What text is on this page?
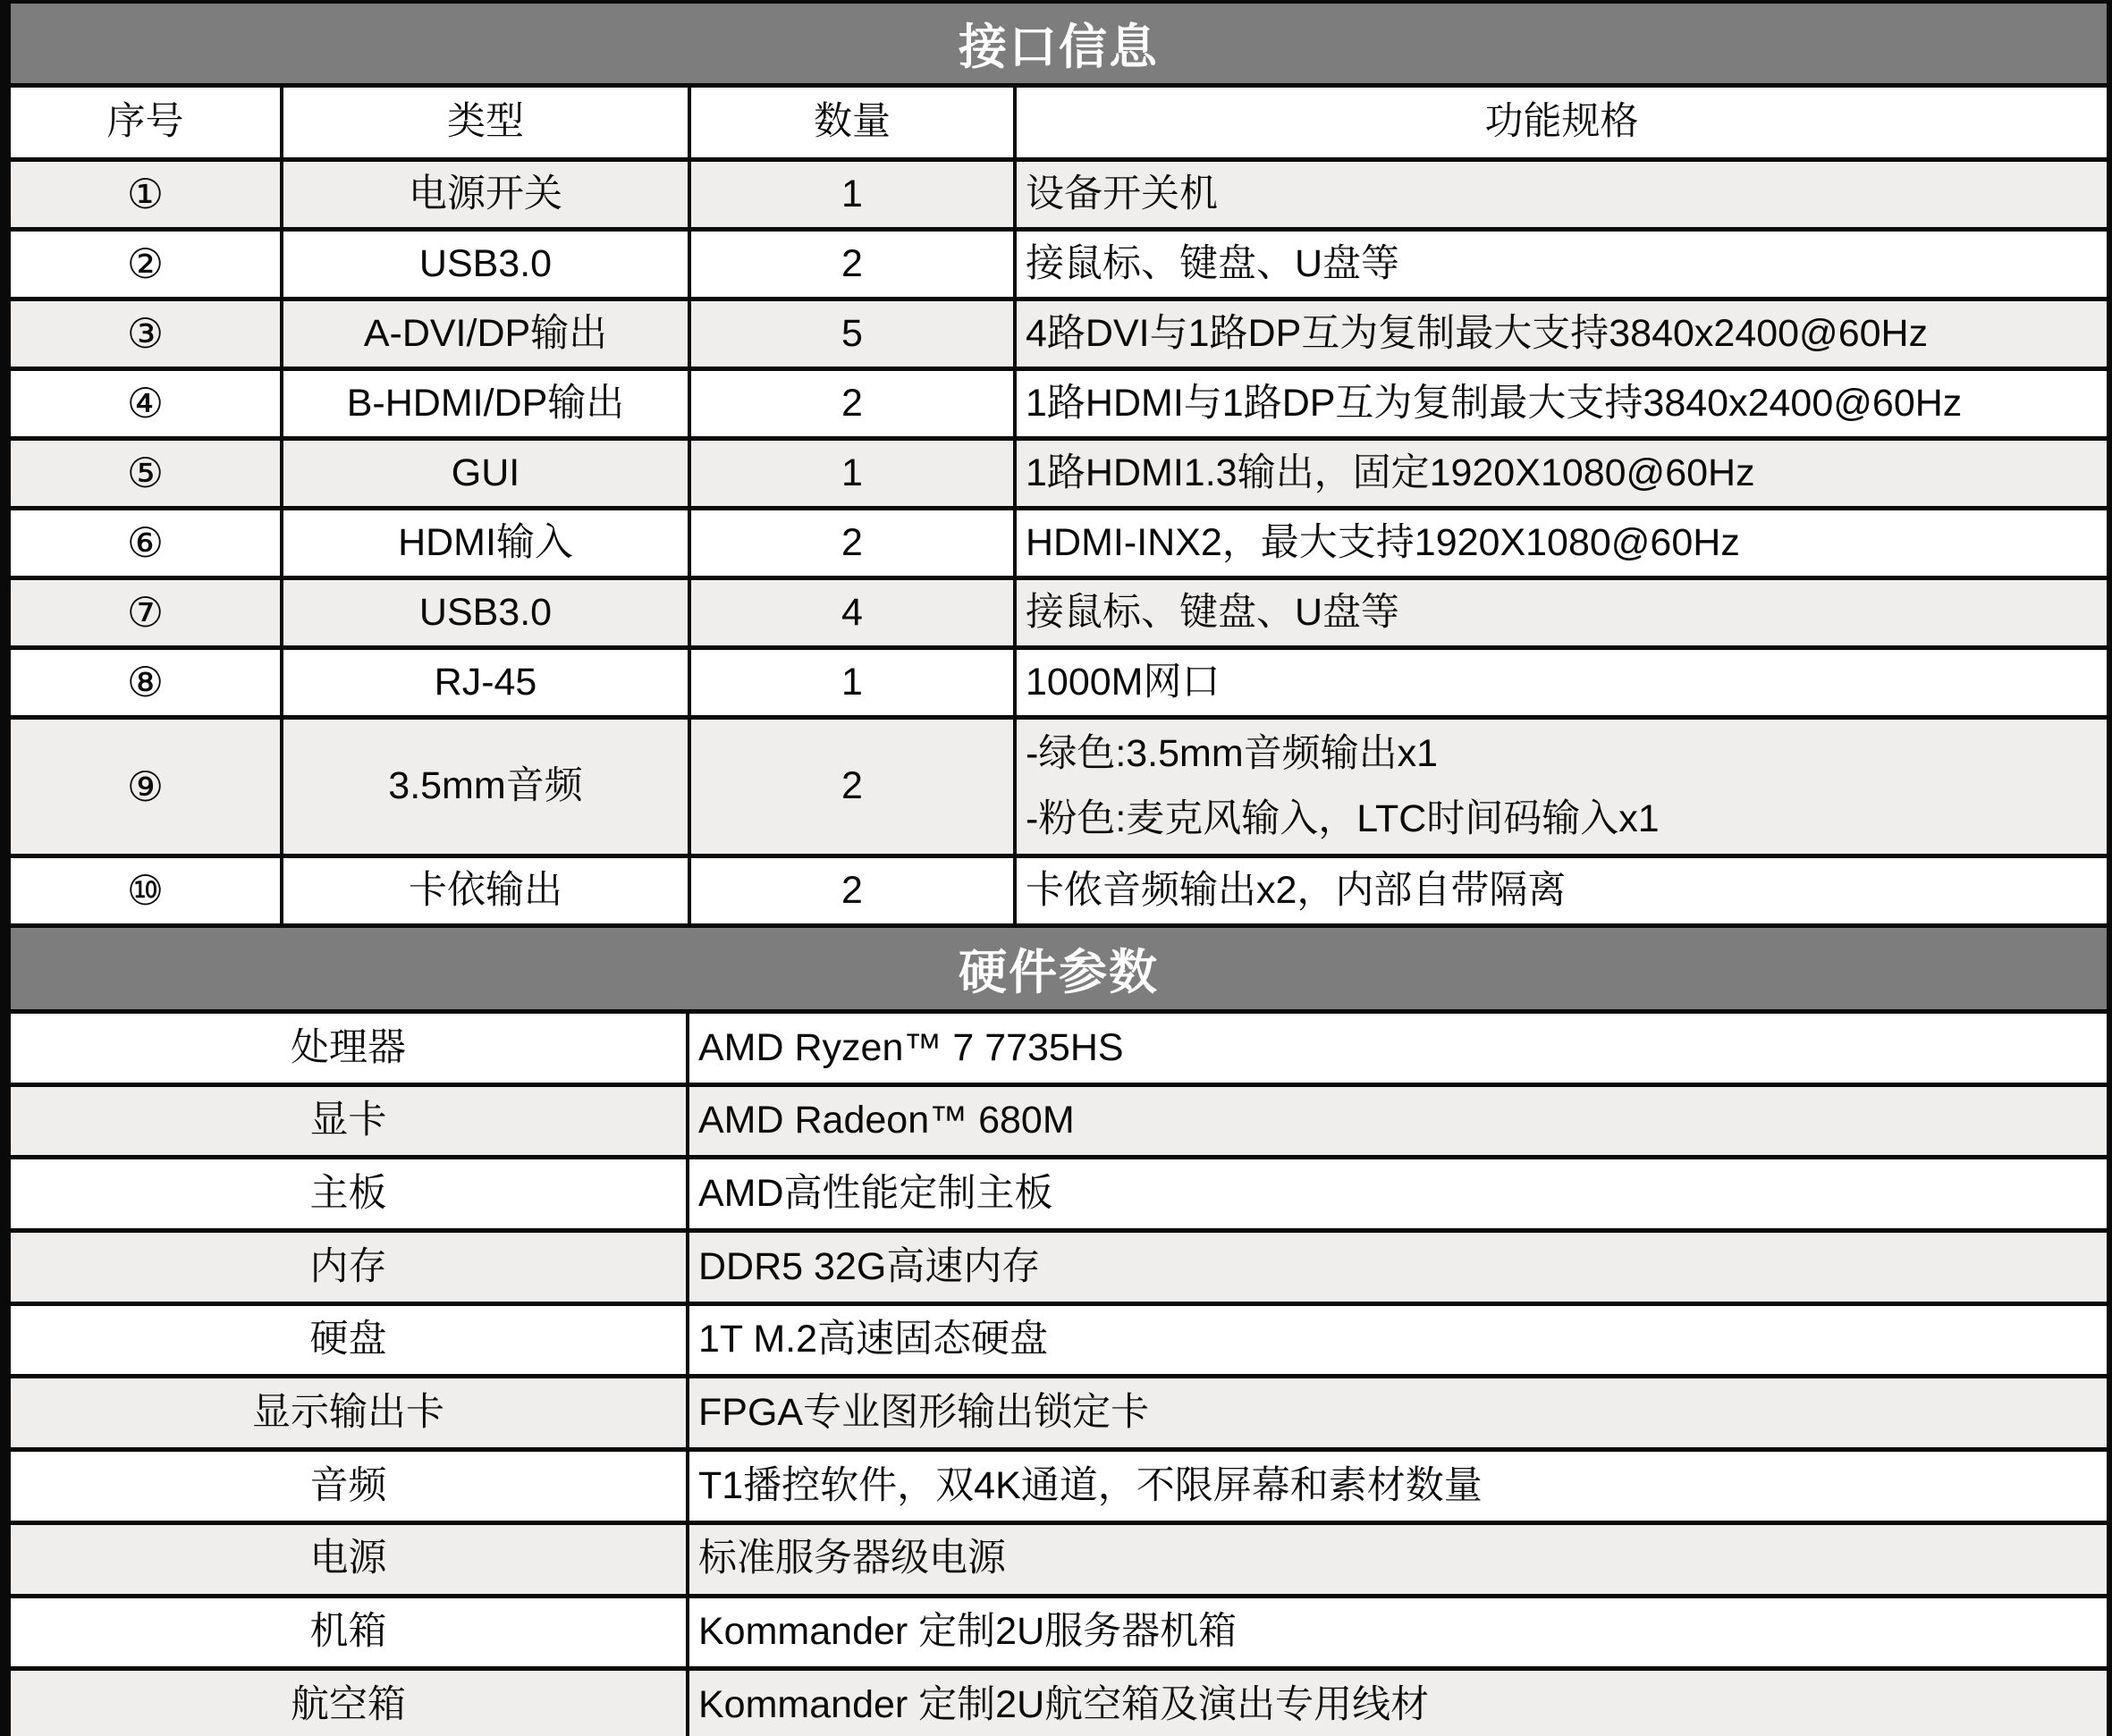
接口信息
序号	类型	数量	功能规格
①	电源开关	1	设备开关机
②	USB3.0	2	接鼠标、键盘、U盘等
③	A-DVI/DP输出	5	4路DVI与1路DP互为复制最大支持3840x2400@60Hz
④	B-HDMI/DP输出	2	1路HDMI与1路DP互为复制最大支持3840x2400@60Hz
⑤	GUI	1	1路HDMI1.3输出，固定1920X1080@60Hz
⑥	HDMI输入	2	HDMI-INX2，最大支持1920X1080@60Hz
⑦	USB3.0	4	接鼠标、键盘、U盘等
⑧	RJ-45	1	1000M网口
⑨	3.5mm音频	2
-绿色:3.5mm音频输出x1
-粉色:麦克风输入，LTC时间码输入x1
⑩	卡依输出	2	卡侬音频输出x2，内部自带隔离
硬件参数
处理器	AMD Ryzen™ 7 7735HS
显卡	AMD Radeon™ 680M
主板	AMD高性能定制主板
内存	DDR5 32G高速内存
硬盘	1T M.2高速固态硬盘
显示输出卡	FPGA专业图形输出锁定卡
音频	T1播控软件，双4K通道，不限屏幕和素材数量
电源	标准服务器级电源
机箱	Kommander 定制2U服务器机箱
航空箱	Kommander 定制2U航空箱及演出专用线材
